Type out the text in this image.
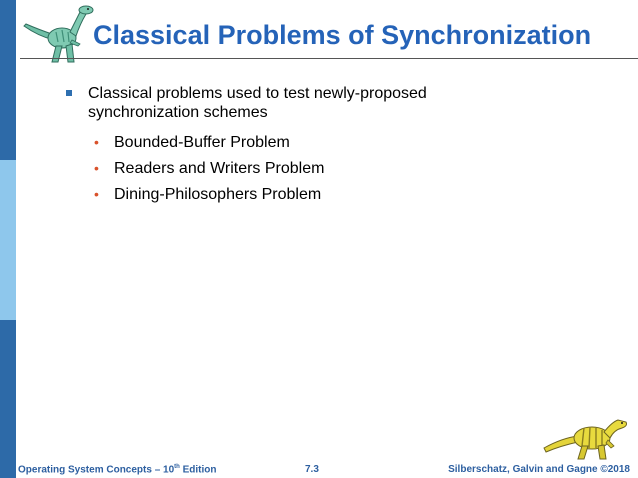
Classical Problems of Synchronization
Classical problems used to test newly-proposed
synchronization schemes
• Bounded-Buffer Problem
• Readers and Writers Problem
• Dining-Philosophers Problem
Operating System Concepts – 10th Edition	7.3	Silberschatz, Galvin and Gagne ©2018
